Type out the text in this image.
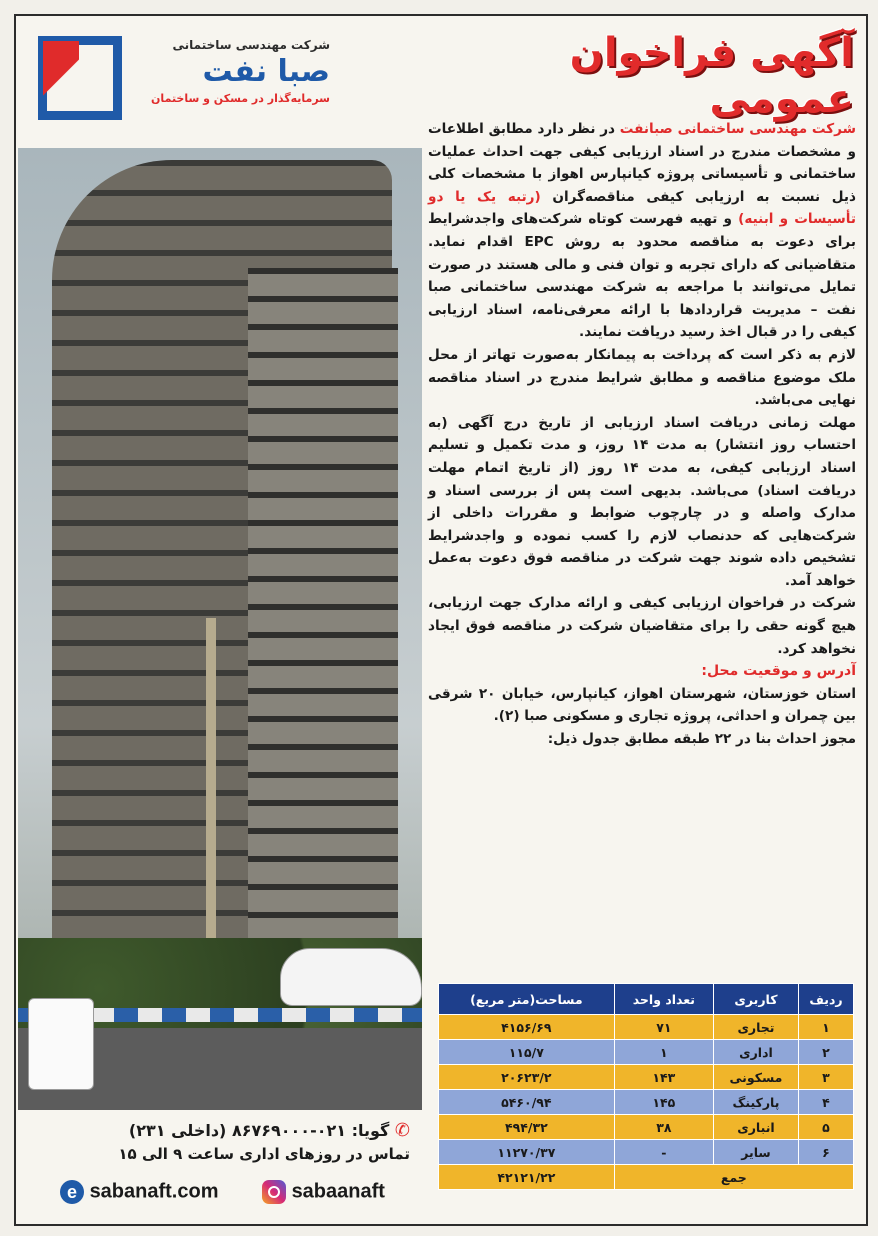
شرکت مهندسی ساختمانی
صبا نفت
سرمایه‌گذار در مسکن و ساختمان
آگهی فراخوان عمومی

شرکت مهندسی ساختمانی صبانفت در نظر دارد مطابق اطلاعات و مشخصات مندرج در اسناد ارزیابی کیفی جهت احداث عملیات ساختمانی و تأسیساتی پروژه کیانپارس اهواز با مشخصات کلی ذیل نسبت به ارزیابی کیفی مناقصه‌گران (رتبه یک یا دو تأسیسات و ابنیه) و تهیه فهرست کوتاه شرکت‌های واجدشرایط برای دعوت به مناقصه محدود به روش EPC اقدام نماید. متقاضیانی که دارای تجربه و توان فنی و مالی هستند در صورت تمایل می‌توانند با مراجعه به شرکت مهندسی ساختمانی صبا نفت – مدیریت قراردادها با ارائه معرفی‌نامه، اسناد ارزیابی کیفی را در قبال اخذ رسید دریافت نمایند.

لازم به ذکر است که پرداخت به پیمانکار به‌صورت تهاتر از محل ملک موضوع مناقصه و مطابق شرایط مندرج در اسناد مناقصه نهایی می‌باشد.

مهلت زمانی دریافت اسناد ارزیابی از تاریخ درج آگهی (به احتساب روز انتشار) به مدت ۱۴ روز، و مدت تکمیل و تسلیم اسناد ارزیابی کیفی، به مدت ۱۴ روز (از تاریخ اتمام مهلت دریافت اسناد) می‌باشد. بدیهی است پس از بررسی اسناد و مدارک واصله و در چارچوب ضوابط و مقررات داخلی از شرکت‌هایی که حدنصاب لازم را کسب نموده و واجدشرایط تشخیص داده شوند جهت شرکت در مناقصه فوق دعوت به‌عمل خواهد آمد.

شرکت در فراخوان ارزیابی کیفی و ارائه مدارک جهت ارزیابی، هیچ گونه حقی را برای متقاضیان شرکت در مناقصه فوق ایجاد نخواهد کرد.

آدرس و موقعیت محل:

استان خوزستان، شهرستان اهواز، کیانپارس، خیابان ۲۰ شرقی بین چمران و احداثی، پروژه تجاری و مسکونی صبا (۲).

مجوز احداث بنا در ۲۲ طبقه مطابق جدول ذیل:

ردیف	کاربری	تعداد واحد	مساحت(متر مربع)
۱	تجاری	۷۱	۴۱۵۶/۶۹
۲	اداری	۱	۱۱۵/۷
۳	مسکونی	۱۴۳	۲۰۶۲۳/۲
۴	پارکینگ	۱۴۵	۵۴۶۰/۹۴
۵	انباری	۳۸	۴۹۴/۳۲
۶	سایر	-	۱۱۲۷۰/۳۷
جمع			۴۲۱۲۱/۲۲
✆ گویا: ۰۲۱-۸۶۷۶۹۰۰۰ (داخلی ۲۳۱)
تماس در روزهای اداری ساعت ۹ الی ۱۵
e sabanaft.com	sabaanaft
